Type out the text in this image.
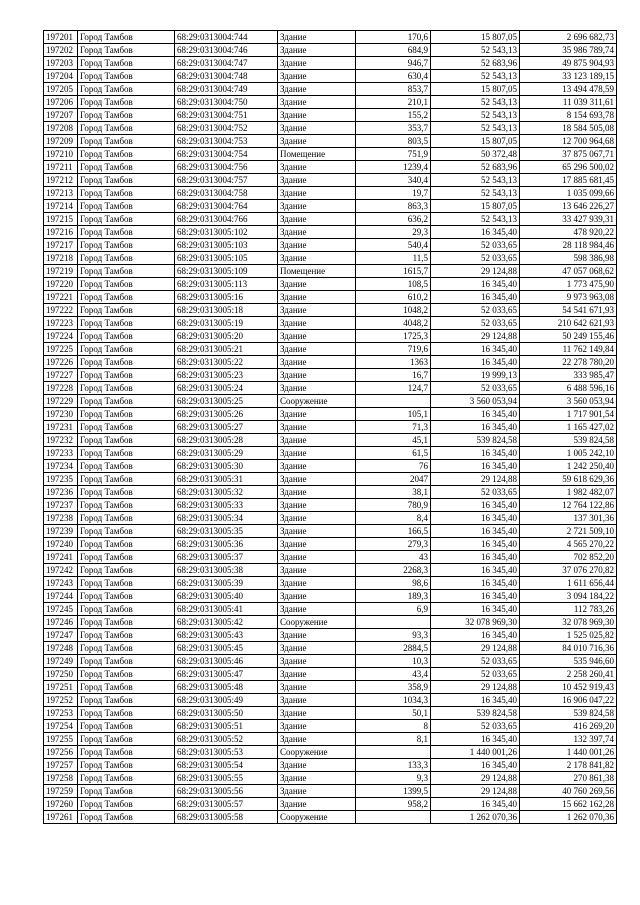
197201	Город Тамбов	68:29:0313004:744	Здание	170,6	15 807,05	2 696 682,73
197202	Город Тамбов	68:29:0313004:746	Здание	684,9	52 543,13	35 986 789,74
197203	Город Тамбов	68:29:0313004:747	Здание	946,7	52 683,96	49 875 904,93
197204	Город Тамбов	68:29:0313004:748	Здание	630,4	52 543,13	33 123 189,15
197205	Город Тамбов	68:29:0313004:749	Здание	853,7	15 807,05	13 494 478,59
197206	Город Тамбов	68:29:0313004:750	Здание	210,1	52 543,13	11 039 311,61
197207	Город Тамбов	68:29:0313004:751	Здание	155,2	52 543,13	8 154 693,78
197208	Город Тамбов	68:29:0313004:752	Здание	353,7	52 543,13	18 584 505,08
197209	Город Тамбов	68:29:0313004:753	Здание	803,5	15 807,05	12 700 964,68
197210	Город Тамбов	68:29:0313004:754	Помещение	751,9	50 372,48	37 875 067,71
197211	Город Тамбов	68:29:0313004:756	Здание	1239,4	52 683,96	65 296 500,02
197212	Город Тамбов	68:29:0313004:757	Здание	340,4	52 543,13	17 885 681,45
197213	Город Тамбов	68:29:0313004:758	Здание	19,7	52 543,13	1 035 099,66
197214	Город Тамбов	68:29:0313004:764	Здание	863,3	15 807,05	13 646 226,27
197215	Город Тамбов	68:29:0313004:766	Здание	636,2	52 543,13	33 427 939,31
197216	Город Тамбов	68:29:0313005:102	Здание	29,3	16 345,40	478 920,22
197217	Город Тамбов	68:29:0313005:103	Здание	540,4	52 033,65	28 118 984,46
197218	Город Тамбов	68:29:0313005:105	Здание	11,5	52 033,65	598 386,98
197219	Город Тамбов	68:29:0313005:109	Помещение	1615,7	29 124,88	47 057 068,62
197220	Город Тамбов	68:29:0313005:113	Здание	108,5	16 345,40	1 773 475,90
197221	Город Тамбов	68:29:0313005:16	Здание	610,2	16 345,40	9 973 963,08
197222	Город Тамбов	68:29:0313005:18	Здание	1048,2	52 033,65	54 541 671,93
197223	Город Тамбов	68:29:0313005:19	Здание	4048,2	52 033,65	210 642 621,93
197224	Город Тамбов	68:29:0313005:20	Здание	1725,3	29 124,88	50 249 155,46
197225	Город Тамбов	68:29:0313005:21	Здание	719,6	16 345,40	11 762 149,84
197226	Город Тамбов	68:29:0313005:22	Здание	1363	16 345,40	22 278 780,20
197227	Город Тамбов	68:29:0313005:23	Здание	16,7	19 999,13	333 985,47
197228	Город Тамбов	68:29:0313005:24	Здание	124,7	52 033,65	6 488 596,16
197229	Город Тамбов	68:29:0313005:25	Сооружение		3 560 053,94	3 560 053,94
197230	Город Тамбов	68:29:0313005:26	Здание	105,1	16 345,40	1 717 901,54
197231	Город Тамбов	68:29:0313005:27	Здание	71,3	16 345,40	1 165 427,02
197232	Город Тамбов	68:29:0313005:28	Здание	45,1	539 824,58	539 824,58
197233	Город Тамбов	68:29:0313005:29	Здание	61,5	16 345,40	1 005 242,10
197234	Город Тамбов	68:29:0313005:30	Здание	76	16 345,40	1 242 250,40
197235	Город Тамбов	68:29:0313005:31	Здание	2047	29 124,88	59 618 629,36
197236	Город Тамбов	68:29:0313005:32	Здание	38,1	52 033,65	1 982 482,07
197237	Город Тамбов	68:29:0313005:33	Здание	780,9	16 345,40	12 764 122,86
197238	Город Тамбов	68:29:0313005:34	Здание	8,4	16 345,40	137 301,36
197239	Город Тамбов	68:29:0313005:35	Здание	166,5	16 345,40	2 721 509,10
197240	Город Тамбов	68:29:0313005:36	Здание	279,3	16 345,40	4 565 270,22
197241	Город Тамбов	68:29:0313005:37	Здание	43	16 345,40	702 852,20
197242	Город Тамбов	68:29:0313005:38	Здание	2268,3	16 345,40	37 076 270,82
197243	Город Тамбов	68:29:0313005:39	Здание	98,6	16 345,40	1 611 656,44
197244	Город Тамбов	68:29:0313005:40	Здание	189,3	16 345,40	3 094 184,22
197245	Город Тамбов	68:29:0313005:41	Здание	6,9	16 345,40	112 783,26
197246	Город Тамбов	68:29:0313005:42	Сооружение		32 078 969,30	32 078 969,30
197247	Город Тамбов	68:29:0313005:43	Здание	93,3	16 345,40	1 525 025,82
197248	Город Тамбов	68:29:0313005:45	Здание	2884,5	29 124,88	84 010 716,36
197249	Город Тамбов	68:29:0313005:46	Здание	10,3	52 033,65	535 946,60
197250	Город Тамбов	68:29:0313005:47	Здание	43,4	52 033,65	2 258 260,41
197251	Город Тамбов	68:29:0313005:48	Здание	358,9	29 124,88	10 452 919,43
197252	Город Тамбов	68:29:0313005:49	Здание	1034,3	16 345,40	16 906 047,22
197253	Город Тамбов	68:29:0313005:50	Здание	50,1	539 824,58	539 824,58
197254	Город Тамбов	68:29:0313005:51	Здание	8	52 033,65	416 269,20
197255	Город Тамбов	68:29:0313005:52	Здание	8,1	16 345,40	132 397,74
197256	Город Тамбов	68:29:0313005:53	Сооружение		1 440 001,26	1 440 001,26
197257	Город Тамбов	68:29:0313005:54	Здание	133,3	16 345,40	2 178 841,82
197258	Город Тамбов	68:29:0313005:55	Здание	9,3	29 124,88	270 861,38
197259	Город Тамбов	68:29:0313005:56	Здание	1399,5	29 124,88	40 760 269,56
197260	Город Тамбов	68:29:0313005:57	Здание	958,2	16 345,40	15 662 162,28
197261	Город Тамбов	68:29:0313005:58	Сооружение		1 262 070,36	1 262 070,36
